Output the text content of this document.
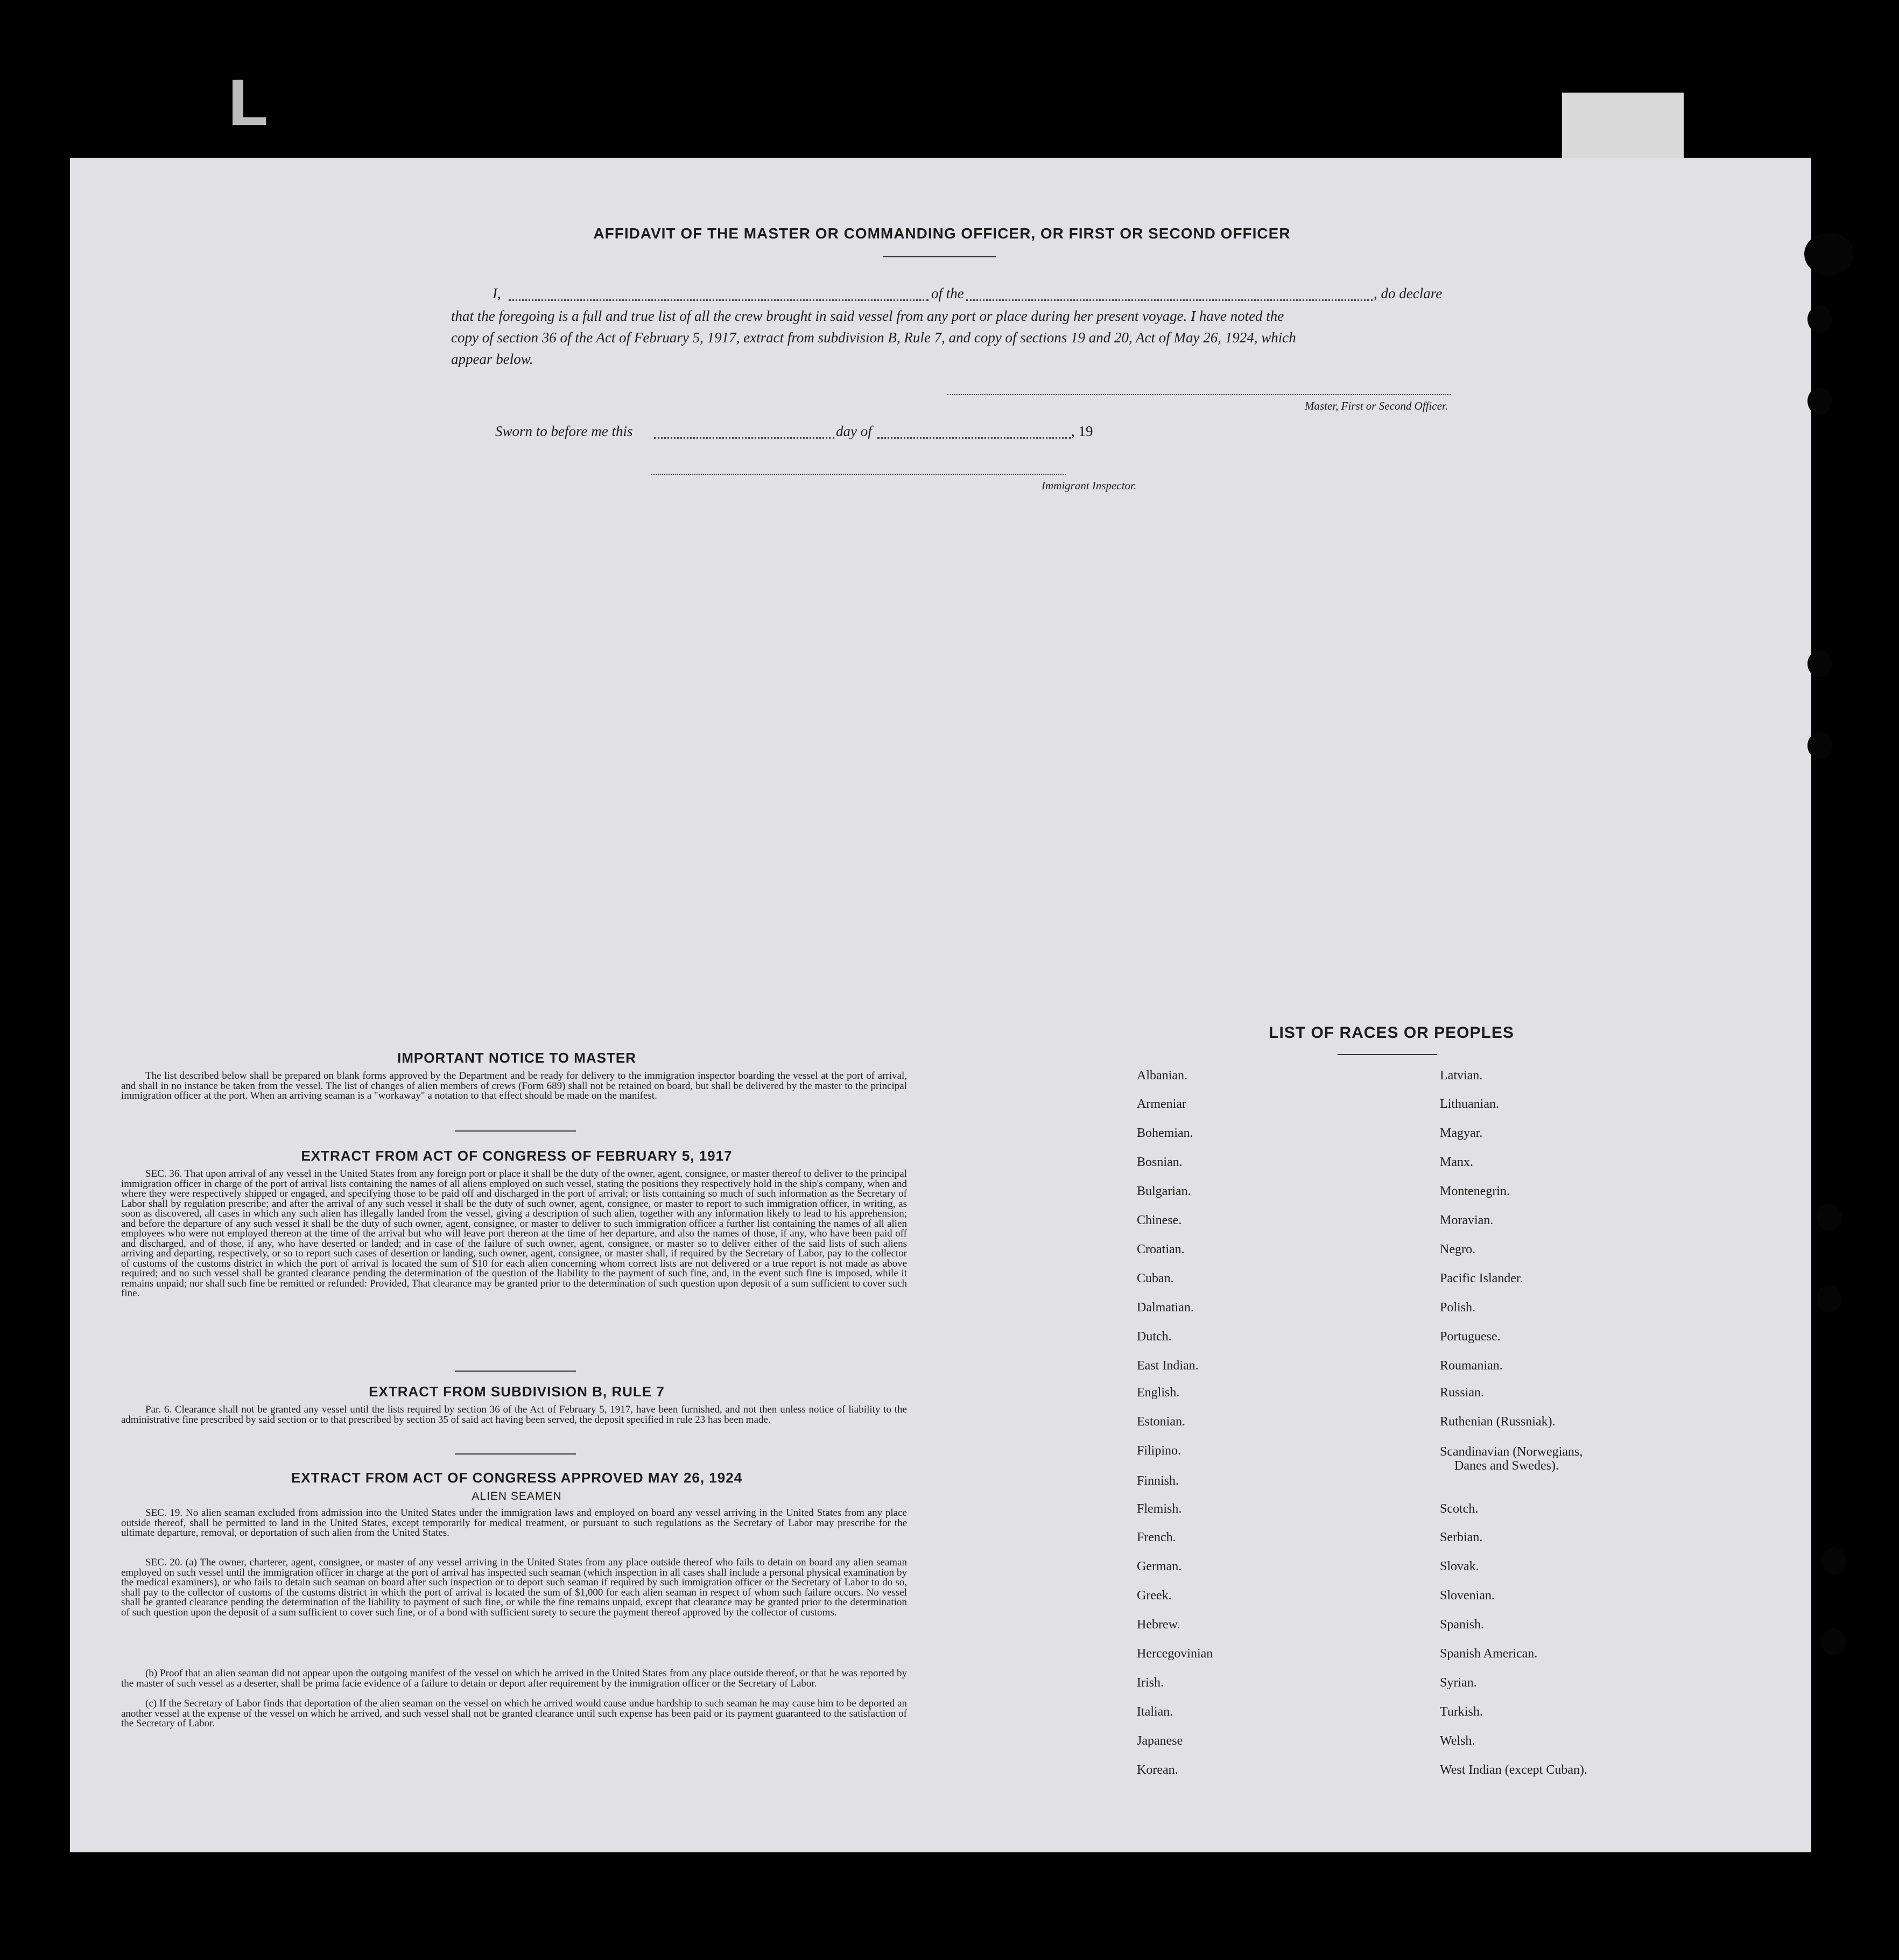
AFFIDAVIT OF THE MASTER OR COMMANDING OFFICER, OR FIRST OR SECOND OFFICER
I,	of the	, do declare
that the foregoing is a full and true list of all the crew brought in said vessel from any port or place during her present voyage. I have noted the
copy of section 36 of the Act of February 5, 1917, extract from subdivision B, Rule 7, and copy of sections 19 and 20, Act of May 26, 1924, which
appear below.
Master, First or Second Officer.
Sworn to before me this	day of	, 19
Immigrant Inspector.
IMPORTANT NOTICE TO MASTER
The list described below shall be prepared on blank forms approved by the Department and be ready for delivery to the immigration inspector boarding the vessel at the port of arrival, and shall in no instance be taken from the vessel. The list of changes of alien members of crews (Form 689) shall not be retained on board, but shall be delivered by the master to the principal immigration officer at the port. When an arriving seaman is a "workaway" a notation to that effect should be made on the manifest.
EXTRACT FROM ACT OF CONGRESS OF FEBRUARY 5, 1917
SEC. 36. That upon arrival of any vessel in the United States from any foreign port or place it shall be the duty of the owner, agent, consignee, or master thereof to deliver to the principal immigration officer in charge of the port of arrival lists containing the names of all aliens employed on such vessel, stating the positions they respectively hold in the ship's company, when and where they were respectively shipped or engaged, and specifying those to be paid off and discharged in the port of arrival; or lists containing so much of such information as the Secretary of Labor shall by regulation prescribe; and after the arrival of any such vessel it shall be the duty of such owner, agent, consignee, or master to report to such immigration officer, in writing, as soon as discovered, all cases in which any such alien has illegally landed from the vessel, giving a description of such alien, together with any information likely to lead to his apprehension; and before the departure of any such vessel it shall be the duty of such owner, agent, consignee, or master to deliver to such immigration officer a further list containing the names of all alien employees who were not employed thereon at the time of the arrival but who will leave port thereon at the time of her departure, and also the names of those, if any, who have been paid off and discharged, and of those, if any, who have deserted or landed; and in case of the failure of such owner, agent, consignee, or master so to deliver either of the said lists of such aliens arriving and departing, respectively, or so to report such cases of desertion or landing, such owner, agent, consignee, or master shall, if required by the Secretary of Labor, pay to the collector of customs of the customs district in which the port of arrival is located the sum of $10 for each alien concerning whom correct lists are not delivered or a true report is not made as above required; and no such vessel shall be granted clearance pending the determination of the question of the liability to the payment of such fine, and, in the event such fine is imposed, while it remains unpaid; nor shall such fine be remitted or refunded: Provided, That clearance may be granted prior to the determination of such question upon deposit of a sum sufficient to cover such fine.
EXTRACT FROM SUBDIVISION B, RULE 7
Par. 6. Clearance shall not be granted any vessel until the lists required by section 36 of the Act of February 5, 1917, have been furnished, and not then unless notice of liability to the administrative fine prescribed by said section or to that prescribed by section 35 of said act having been served, the deposit specified in rule 23 has been made.
EXTRACT FROM ACT OF CONGRESS APPROVED MAY 26, 1924
ALIEN SEAMEN
SEC. 19. No alien seaman excluded from admission into the United States under the immigration laws and employed on board any vessel arriving in the United States from any place outside thereof, shall be permitted to land in the United States, except temporarily for medical treatment, or pursuant to such regulations as the Secretary of Labor may prescribe for the ultimate departure, removal, or deportation of such alien from the United States.
SEC. 20. (a) The owner, charterer, agent, consignee, or master of any vessel arriving in the United States from any place outside thereof who fails to detain on board any alien seaman employed on such vessel until the immigration officer in charge at the port of arrival has inspected such seaman (which inspection in all cases shall include a personal physical examination by the medical examiners), or who fails to detain such seaman on board after such inspection or to deport such seaman if required by such immigration officer or the Secretary of Labor to do so, shall pay to the collector of customs of the customs district in which the port of arrival is located the sum of $1,000 for each alien seaman in respect of whom such failure occurs. No vessel shall be granted clearance pending the determination of the liability to payment of such fine, or while the fine remains unpaid, except that clearance may be granted prior to the determination of such question upon the deposit of a sum sufficient to cover such fine, or of a bond with sufficient surety to secure the payment thereof approved by the collector of customs.
(b) Proof that an alien seaman did not appear upon the outgoing manifest of the vessel on which he arrived in the United States from any place outside thereof, or that he was reported by the master of such vessel as a deserter, shall be prima facie evidence of a failure to detain or deport after requirement by the immigration officer or the Secretary of Labor.
(c) If the Secretary of Labor finds that deportation of the alien seaman on the vessel on which he arrived would cause undue hardship to such seaman he may cause him to be deported an another vessel at the expense of the vessel on which he arrived, and such vessel shall not be granted clearance until such expense has been paid or its payment guaranteed to the satisfaction of the Secretary of Labor.
LIST OF RACES OR PEOPLES
Albanian.
Armeniar
Bohemian.
Bosnian.
Bulgarian.
Chinese.
Croatian.
Cuban.
Dalmatian.
Dutch.
East Indian.
English.
Estonian.
Filipino.
Finnish.
Flemish.
French.
German.
Greek.
Hebrew.
Hercegovinian
Irish.
Italian.
Japanese
Korean.
Latvian.
Lithuanian.
Magyar.
Manx.
Montenegrin.
Moravian.
Negro.
Pacific Islander.
Polish.
Portuguese.
Roumanian.
Russian.
Ruthenian (Russniak).
Scandinavian (Norwegians,
Danes and Swedes).
Scotch.
Serbian.
Slovak.
Slovenian.
Spanish.
Spanish American.
Syrian.
Turkish.
Welsh.
West Indian (except Cuban).
